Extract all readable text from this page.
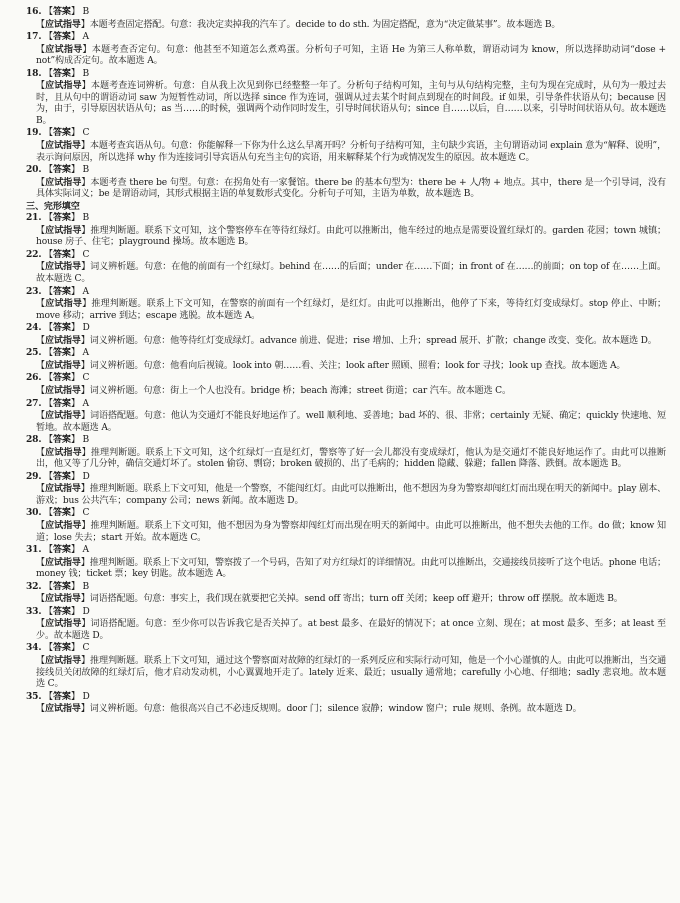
16. 【 答案 】 B
【 应试指导 】 本题考查固定搭配。句意：我决定卖掉我的汽车了。decide to do sth. 为固定搭配，意为“决定做某事”。故本题选 B。
17. 【 答案 】 A
【 应试指导 】 本题考查否定句。句意：他甚至不知道怎么煮鸡蛋。分析句子可知，主语 He 为第三人称单数，谓语动词为 know，所以选择助动词“dose + not”构成否定句。故本题选 A。
18. 【 答案 】 B
【 应试指导 】 本题考查连词辨析。句意：自从我上次见到你已经整整一年了。分析句子结构可知，主句与从句结构完整，主句为现在完成时，从句为一般过去时，且从句中的谓语动词 saw 为短暂性动词，所以选择 since 作为连词，强调从过去某个时间点到现在的时间段。if 如果，引导条件状语从句；because 因为，由于，引导原因状语从句；as 当……的时候，强调两个动作同时发生，引导时间状语从句；since 自……以后，自……以来，引导时间状语从句。故本题选 B。
19. 【 答案 】 C
【 应试指导 】 本题考查宾语从句。句意：你能解释一下你为什么这么早离开吗？分析句子结构可知，主句缺少宾语，主句谓语动词 explain 意为“解释、说明”，表示询问原因，所以选择 why 作为连接词引导宾语从句充当主句的宾语，用来解释某个行为或情况发生的原因。故本题选 C。
20. 【 答案 】 B
【 应试指导 】 本题考查 there be 句型。句意：在拐角处有一家餐馆。there be 的基本句型为：there be + 人/物 + 地点。其中，there 是一个引导词，没有具体实际词义；be 是谓语动词，其形式根据主语的单复数形式变化。分析句子可知，主语为单数，故本题选 B。
三、完形填空
21. 【 答案 】 B
【 应试指导 】 推理判断题。联系下文可知，这个警察停车在等待红绿灯。由此可以推断出，他车经过的地点是需要设置红绿灯的。garden 花园；town 城镇；house 房子、住宅；playground 操场。故本题选 B。
22. 【 答案 】 C
【 应试指导 】 词义辨析题。句意：在他的前面有一个红绿灯。behind 在……的后面；under 在……下面；in front of 在……的前面；on top of 在……上面。故本题选 C。
23. 【 答案 】 A
【 应试指导 】 推理判断题。联系上下文可知，在警察的前面有一个红绿灯，是红灯。由此可以推断出，他停了下来，等待红灯变成绿灯。stop 停止、中断；move 移动；arrive 到达；escape 逃脱。故本题选 A。
24. 【 答案 】 D
【 应试指导 】 词义辨析题。句意：他等待红灯变成绿灯。advance 前进、促进；rise 增加、上升；spread 展开、扩散；change 改变、变化。故本题选 D。
25. 【 答案 】 A
【 应试指导 】 词义辨析题。句意：他看向后视镜。look into 朝……看、关注；look after 照顾、照看；look for 寻找；look up 查找。故本题选 A。
26. 【 答案 】 C
【 应试指导 】 词义辨析题。句意：街上一个人也没有。bridge 桥；beach 海滩；street 街道；car 汽车。故本题选 C。
27. 【 答案 】 A
【 应试指导 】 词语搭配题。句意：他认为交通灯不能良好地运作了。well 顺利地、妥善地；bad 坏的、很、非常；certainly 无疑、确定；quickly 快速地、短暂地。故本题选 A。
28. 【 答案 】 B
【 应试指导 】 推理判断题。联系上下文可知，这个红绿灯一直是红灯，警察等了好一会儿都没有变成绿灯，他认为是交通灯不能良好地运作了。由此可以推断出，他又等了几分钟，确信交通灯坏了。stolen 偷窃、剽窃；broken 破损的、出了毛病的；hidden 隐藏、躲避；fallen 降落、跌倒。故本题选 B。
29. 【 答案 】 D
【 应试指导 】 推理判断题。联系上下文可知，他是一个警察，不能闯红灯。由此可以推断出，他不想因为身为警察却闯红灯而出现在明天的新闻中。play 剧本、游戏；bus 公共汽车；company 公司；news 新闻。故本题选 D。
30. 【 答案 】 C
【 应试指导 】 推理判断题。联系上下文可知，他不想因为身为警察却闯红灯而出现在明天的新闻中。由此可以推断出，他不想失去他的工作。do 做；know 知道；lose 失去；start 开始。故本题选 C。
31. 【 答案 】 A
【 应试指导 】 推理判断题。联系上下文可知，警察拨了一个号码，告知了对方红绿灯的详细情况。由此可以推断出，交通接线员接听了这个电话。phone 电话；money 钱；ticket 票；key 钥匙。故本题选 A。
32. 【 答案 】 B
【 应试指导 】 词语搭配题。句意：事实上，我们现在就要把它关掉。send off 寄出；turn off 关闭；keep off 避开；throw off 摆脱。故本题选 B。
33. 【 答案 】 D
【 应试指导 】 词语搭配题。句意：至少你可以告诉我它是否关掉了。at best 最多、在最好的情况下；at once 立刻、现在；at most 最多、至多；at least 至少。故本题选 D。
34. 【 答案 】 C
【 应试指导 】 推理判断题。联系上下文可知，通过这个警察面对故障的红绿灯的一系列反应和实际行动可知，他是一个小心谨慎的人。由此可以推断出，当交通接线员关闭故障的红绿灯后，他才启动发动机，小心翼翼地开走了。lately 近来、最近；usually 通常地；carefully 小心地、仔细地；sadly 悲哀地。故本题选 C。
35. 【 答案 】 D
【 应试指导 】 词义辨析题。句意：他很高兴自己不必违反规则。door 门；silence 寂静；window 窗户；rule 规则、条例。故本题选 D。
